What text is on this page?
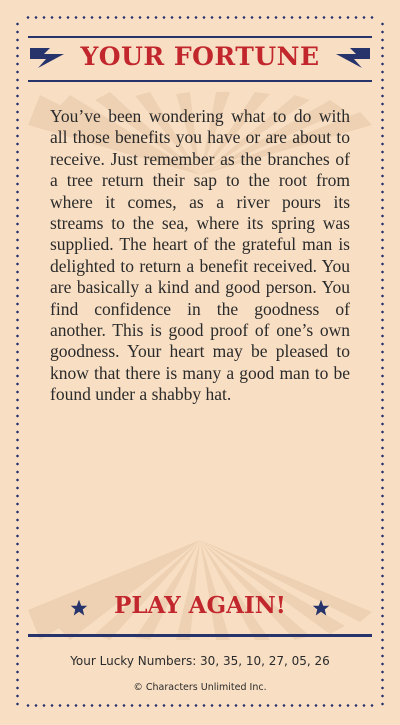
YOUR FORTUNE

You’ve been wondering what to do with all those benefits you have or are about to receive. Just remember as the branches of a tree return their sap to the root from where it comes, as a river pours its streams to the sea, where its spring was supplied. The heart of the grateful man is delighted to return a benefit received. You are basically a kind and good person. You find confidence in the goodness of another. This is good proof of one’s own goodness. Your heart may be pleased to know that there is many a good man to be found under a shabby hat.

PLAY AGAIN!
Your Lucky Numbers: 30, 35, 10, 27, 05, 26
© Characters Unlimited Inc.
